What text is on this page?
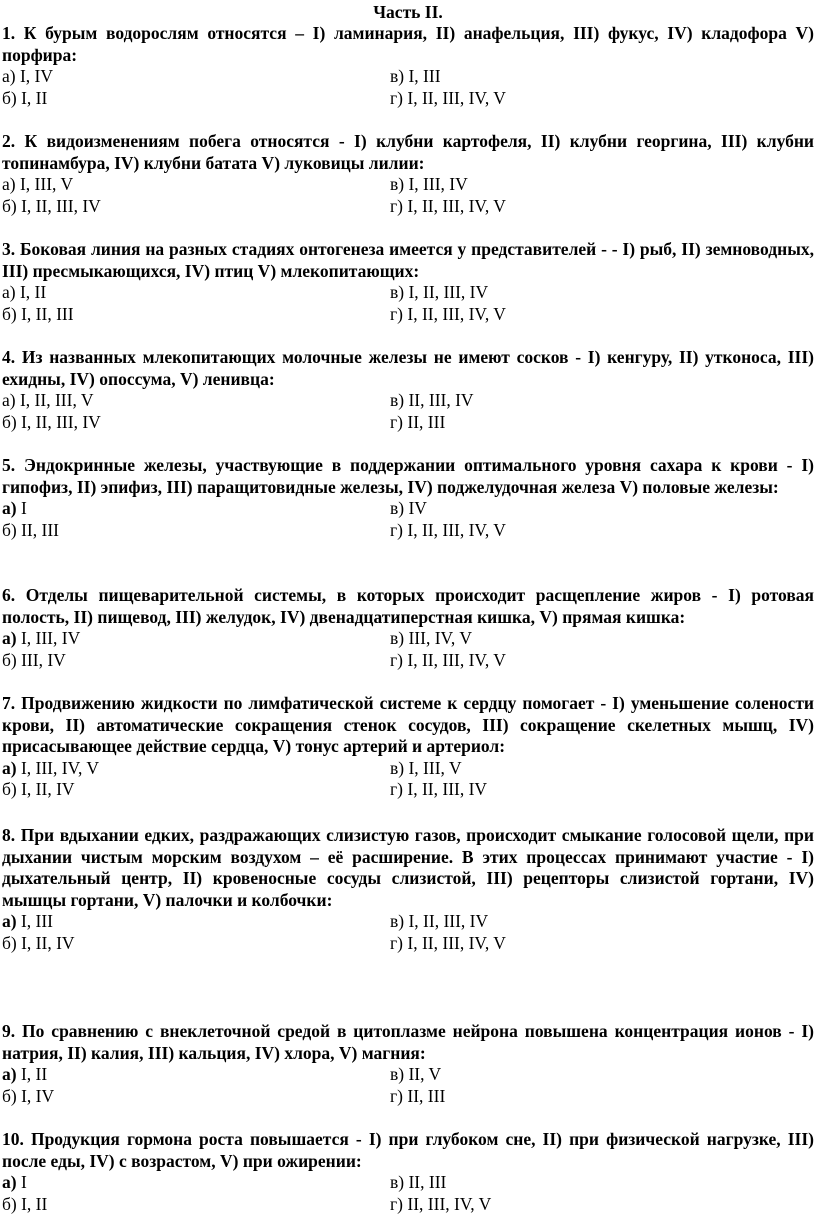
Часть II.
1. К бурым водорослям относятся – I) ламинария, II) анафельция, III) фукус, IV) кладофора V) порфира:
а) I, IV	в) I, III
б) I, II	г) I, II, III, IV, V
2. К видоизменениям побега относятся - I) клубни картофеля, II) клубни георгина, III) клубни топинамбура, IV) клубни батата V) луковицы лилии:
а) I, III, V	в) I, III, IV
б) I, II, III, IV	г) I, II, III, IV, V
3. Боковая линия на разных стадиях онтогенеза имеется у представителей - - I) рыб, II) земноводных, III) пресмыкающихся, IV) птиц V) млекопитающих:
а) I, II	в) I, II, III, IV
б) I, II, III	г) I, II, III, IV, V
4. Из названных млекопитающих молочные железы не имеют сосков - I) кенгуру, II) утконоса, III) ехидны, IV) опоссума, V) ленивца:
а) I, II, III, V	в) II, III, IV
б) I, II, III, IV	г) II, III
5. Эндокринные железы, участвующие в поддержании оптимального уровня сахара к крови - I) гипофиз, II) эпифиз, III) паращитовидные железы, IV) поджелудочная железа V) половые железы:
а) I	в) IV
б) II, III	г) I, II, III, IV, V
6. Отделы пищеварительной системы, в которых происходит расщепление жиров - I) ротовая полость, II) пищевод, III) желудок, IV) двенадцатиперстная кишка, V) прямая кишка:
а) I, III, IV	в) III, IV, V
б) III, IV	г) I, II, III, IV, V
7. Продвижению жидкости по лимфатической системе к сердцу помогает - I) уменьшение солености крови, II) автоматические сокращения стенок сосудов, III) сокращение скелетных мышц, IV) присасывающее действие сердца, V) тонус артерий и артериол:
а) I, III, IV, V	в) I, III, V
б) I, II, IV	г) I, II, III, IV
8. При вдыхании едких, раздражающих слизистую газов, происходит смыкание голосовой щели, при дыхании чистым морским воздухом – её расширение. В этих процессах принимают участие - I) дыхательный центр, II) кровеносные сосуды слизистой, III) рецепторы слизистой гортани, IV) мышцы гортани, V) палочки и колбочки:
а) I, III	в) I, II, III, IV
б) I, II, IV	г) I, II, III, IV, V
9. По сравнению с внеклеточной средой в цитоплазме нейрона повышена концентрация ионов - I) натрия, II) калия, III) кальция, IV) хлора, V) магния:
а) I, II	в) II, V
б) I, IV	г) II, III
10. Продукция гормона роста повышается - I) при глубоком сне, II) при физической нагрузке, III) после еды, IV) с возрастом, V) при ожирении:
а) I	в) II, III
б) I, II	г) II, III, IV, V
